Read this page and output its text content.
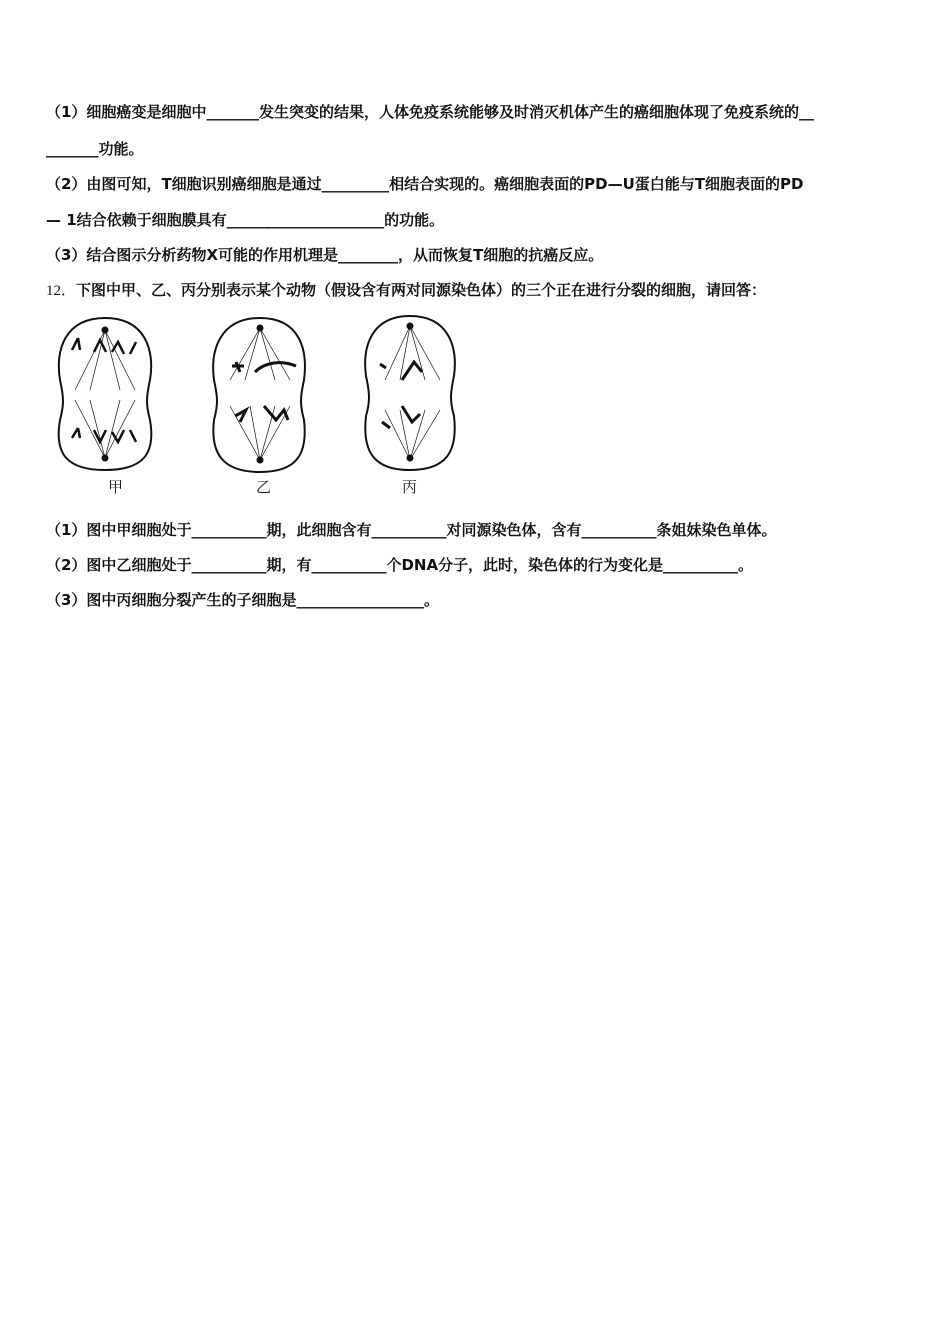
（1）细胞癌变是细胞中_______发生突变的结果，人体免疫系统能够及时消灭机体产生的癌细胞体现了免疫系统的__
_______功能。
（2）由图可知，T细胞识别癌细胞是通过_________相结合实现的。癌细胞表面的PD—U蛋白能与T细胞表面的PD
— 1结合依赖于细胞膜具有_____________________的功能。
（3）结合图示分析药物X可能的作用机理是________，从而恢复T细胞的抗癌反应。
12．下图中甲、乙、丙分别表示某个动物（假设含有两对同源染色体）的三个正在进行分裂的细胞，请回答：
甲	乙	丙
（1）图中甲细胞处于__________期，此细胞含有__________对同源染色体，含有__________条姐妹染色单体。
（2）图中乙细胞处于__________期，有__________个DNA分子，此时，染色体的行为变化是__________。
（3）图中丙细胞分裂产生的子细胞是_________________。
